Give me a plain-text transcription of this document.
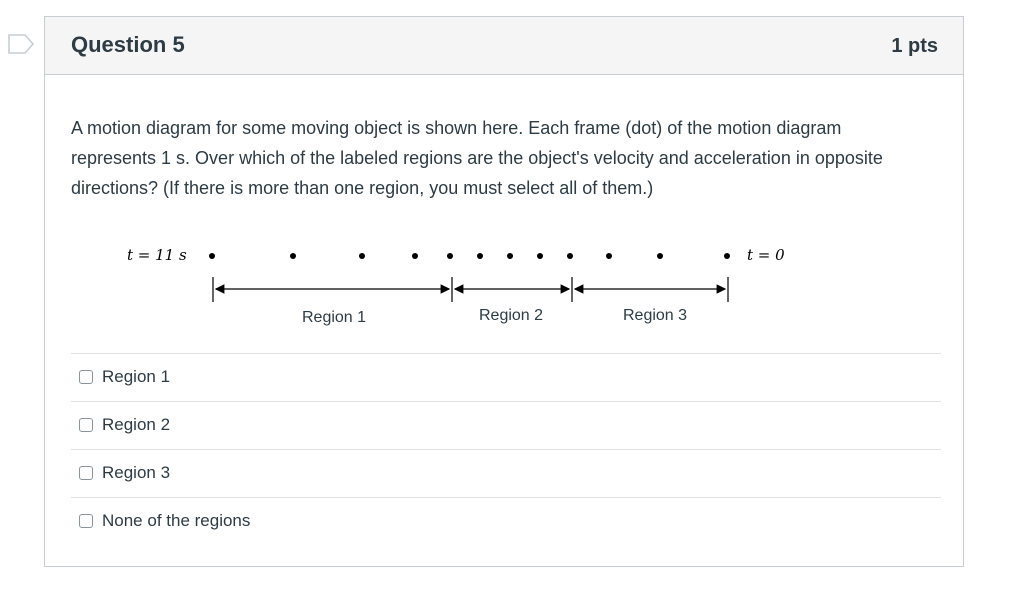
Question 5	1 pts
A motion diagram for some moving object is shown here. Each frame (dot) of the motion diagram represents 1 s. Over which of the labeled regions are the object's velocity and acceleration in opposite directions? (If there is more than one region, you must select all of them.)
t = 11 s	t = 0
Region 1	Region 2	Region 3
Region 1
Region 2
Region 3
None of the regions
